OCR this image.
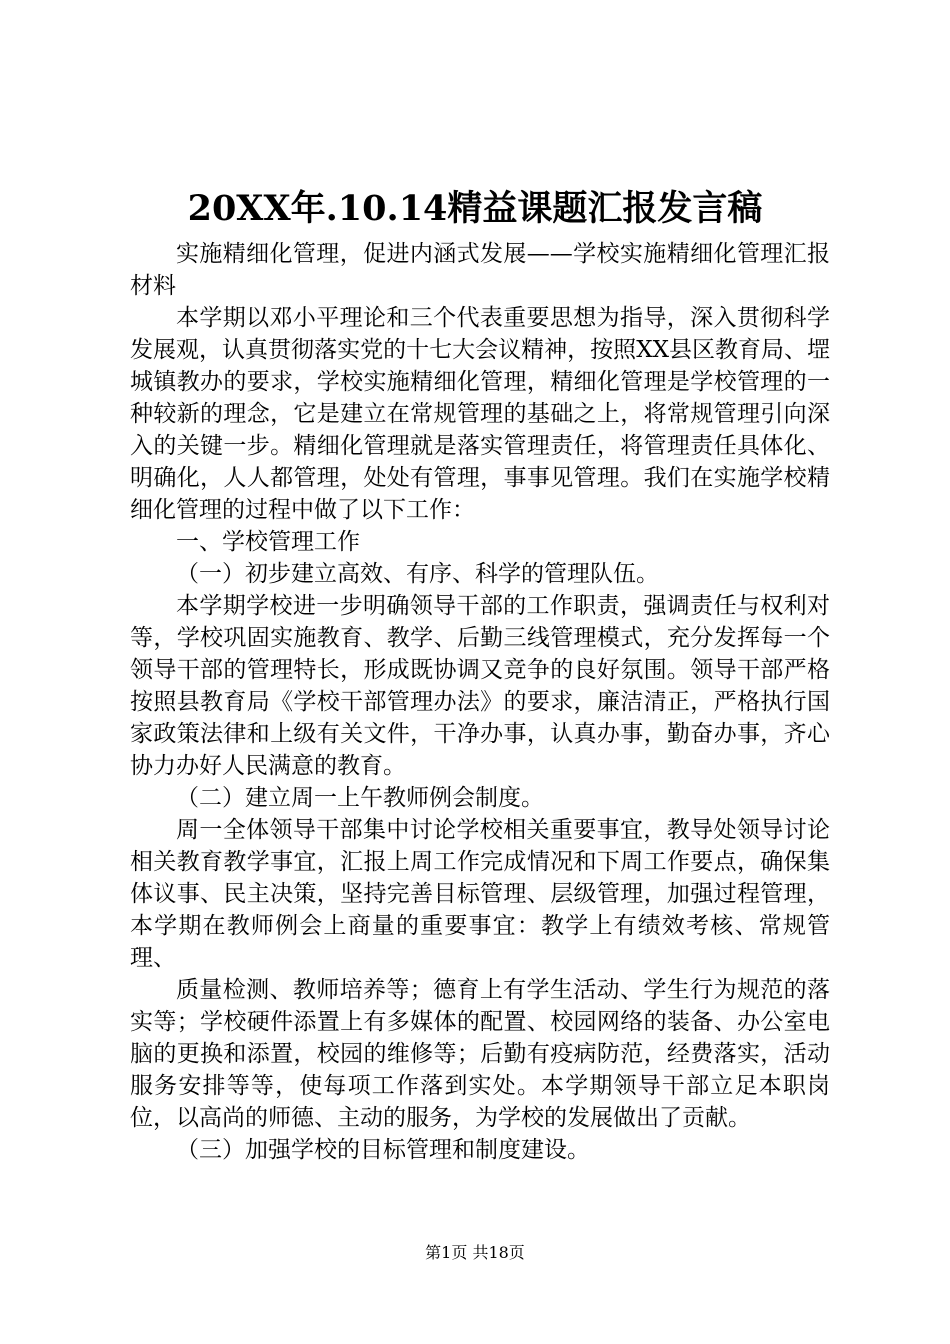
20XX年.10.14精益课题汇报发言稿

实施精细化管理，促进内涵式发展——学校实施精细化管理汇报材料

本学期以邓小平理论和三个代表重要思想为指导，深入贯彻科学发展观，认真贯彻落实党的十七大会议精神，按照XX县区教育局、堽城镇教办的要求，学校实施精细化管理，精细化管理是学校管理的一种较新的理念，它是建立在常规管理的基础之上，将常规管理引向深入的关键一步。精细化管理就是落实管理责任，将管理责任具体化、明确化，人人都管理，处处有管理，事事见管理。我们在实施学校精细化管理的过程中做了以下工作：

一、学校管理工作

（一）初步建立高效、有序、科学的管理队伍。

本学期学校进一步明确领导干部的工作职责，强调责任与权利对等，学校巩固实施教育、教学、后勤三线管理模式，充分发挥每一个领导干部的管理特长，形成既协调又竞争的良好氛围。领导干部严格按照县教育局《学校干部管理办法》的要求，廉洁清正，严格执行国家政策法律和上级有关文件，干净办事，认真办事，勤奋办事，齐心协力办好人民满意的教育。

（二）建立周一上午教师例会制度。

周一全体领导干部集中讨论学校相关重要事宜，教导处领导讨论相关教育教学事宜，汇报上周工作完成情况和下周工作要点，确保集体议事、民主决策，坚持完善目标管理、层级管理，加强过程管理，本学期在教师例会上商量的重要事宜：教学上有绩效考核、常规管理、

质量检测、教师培养等；德育上有学生活动、学生行为规范的落实等；学校硬件添置上有多媒体的配置、校园网络的装备、办公室电脑的更换和添置，校园的维修等；后勤有疫病防范，经费落实，活动服务安排等等，使每项工作落到实处。本学期领导干部立足本职岗位，以高尚的师德、主动的服务，为学校的发展做出了贡献。

（三）加强学校的目标管理和制度建设。

第1页 共18页
